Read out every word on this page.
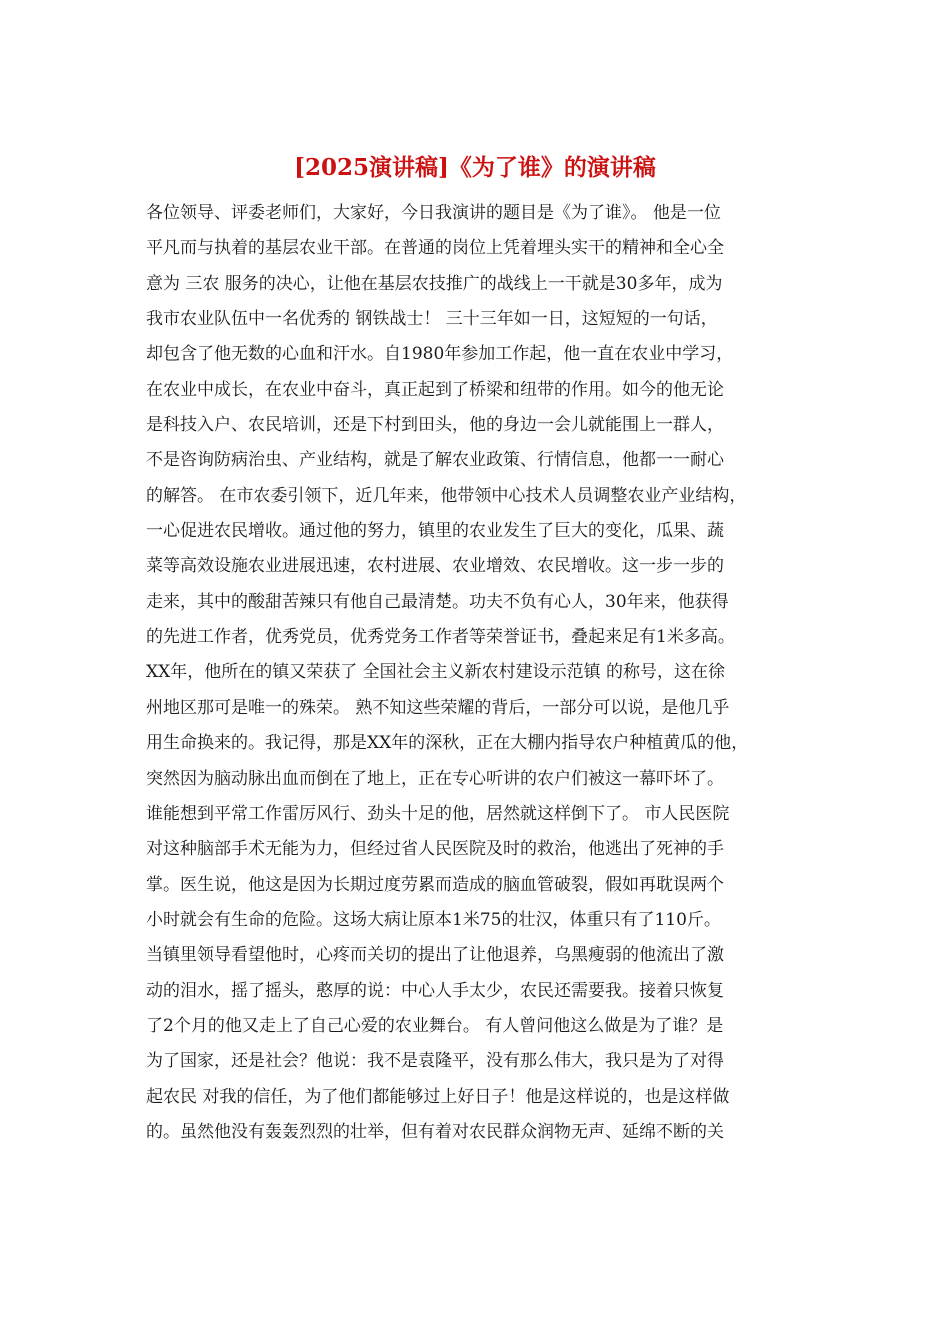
[2025演讲稿]《为了谁》的演讲稿
各位领导、评委老师们，大家好，今日我演讲的题目是《为了谁》。 他是一位
平凡而与执着的基层农业干部。在普通的岗位上凭着埋头实干的精神和全心全
意为 三农 服务的决心，让他在基层农技推广的战线上一干就是30多年，成为
我市农业队伍中一名优秀的 钢铁战士！ 三十三年如一日，这短短的一句话，
却包含了他无数的心血和汗水。自1980年参加工作起，他一直在农业中学习，
在农业中成长，在农业中奋斗，真正起到了桥梁和纽带的作用。如今的他无论
是科技入户、农民培训，还是下村到田头，他的身边一会儿就能围上一群人，
不是咨询防病治虫、产业结构，就是了解农业政策、行情信息，他都一一耐心
的解答。 在市农委引领下，近几年来，他带领中心技术人员调整农业产业结构，
一心促进农民增收。通过他的努力，镇里的农业发生了巨大的变化，瓜果、蔬
菜等高效设施农业进展迅速，农村进展、农业增效、农民增收。这一步一步的
走来，其中的酸甜苦辣只有他自己最清楚。功夫不负有心人，30年来，他获得
的先进工作者，优秀党员，优秀党务工作者等荣誉证书，叠起来足有1米多高。
XX年，他所在的镇又荣获了 全国社会主义新农村建设示范镇 的称号，这在徐
州地区那可是唯一的殊荣。 熟不知这些荣耀的背后，一部分可以说，是他几乎
用生命换来的。我记得，那是XX年的深秋，正在大棚内指导农户种植黄瓜的他，
突然因为脑动脉出血而倒在了地上，正在专心听讲的农户们被这一幕吓坏了。
谁能想到平常工作雷厉风行、劲头十足的他，居然就这样倒下了。 市人民医院
对这种脑部手术无能为力，但经过省人民医院及时的救治，他逃出了死神的手
掌。医生说，他这是因为长期过度劳累而造成的脑血管破裂，假如再耽误两个
小时就会有生命的危险。这场大病让原本1米75的壮汉，体重只有了110斤。
当镇里领导看望他时，心疼而关切的提出了让他退养，乌黑瘦弱的他流出了激
动的泪水，摇了摇头，憨厚的说：中心人手太少，农民还需要我。接着只恢复
了2个月的他又走上了自己心爱的农业舞台。 有人曾问他这么做是为了谁？是
为了国家，还是社会？他说：我不是袁隆平，没有那么伟大，我只是为了对得
起农民 对我的信任，为了他们都能够过上好日子！他是这样说的，也是这样做
的。虽然他没有轰轰烈烈的壮举，但有着对农民群众润物无声、延绵不断的关
